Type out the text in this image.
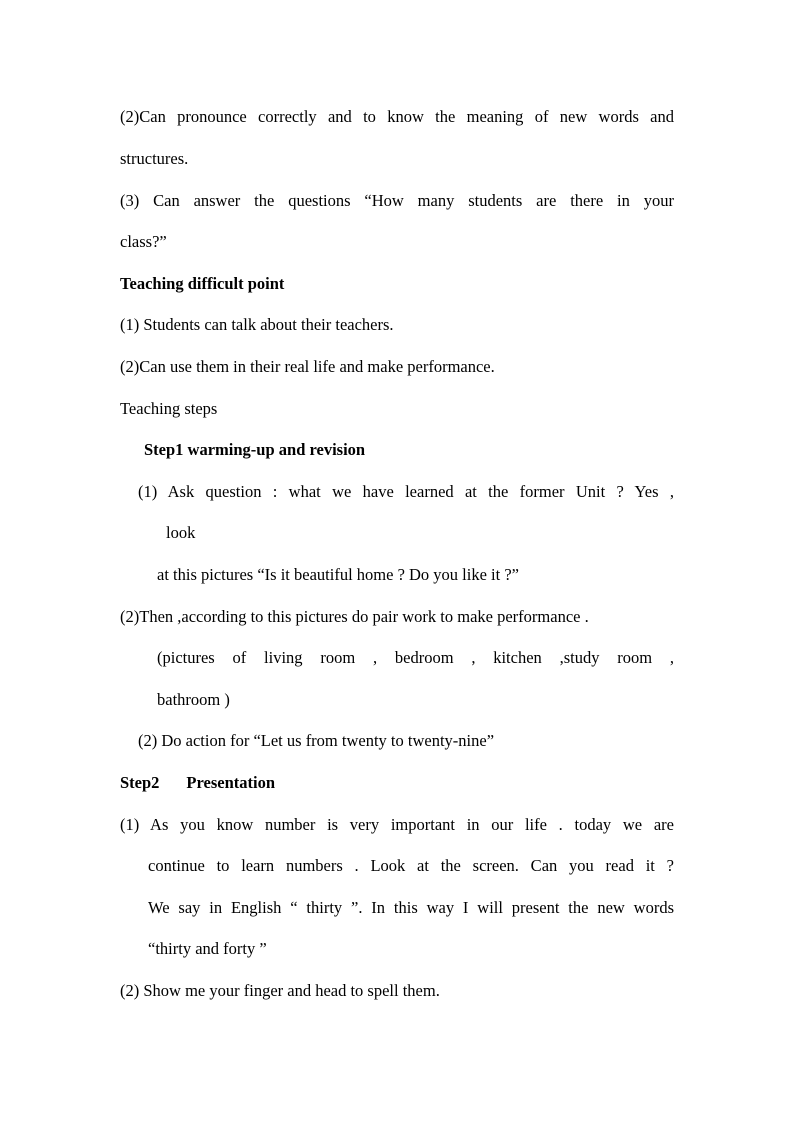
(2)Can pronounce correctly and to know the meaning of new words and
structures.
(3) Can answer the questions “How many students are there in your
class?”
Teaching difficult point
(1) Students can talk about their teachers.
(2)Can use them in their real life and make performance.
Teaching steps
Step1 warming-up and revision
(1) Ask question : what we have learned at the former Unit ? Yes ,
look
at this pictures “Is it beautiful home ? Do you like it ?”
(2)Then ,according to this pictures do pair work to make performance .
(pictures of living room , bedroom , kitchen ,study room ,
bathroom )
(2) Do action for “Let us from twenty to twenty-nine”
Step2 Presentation
(1) As you know number is very important in our life . today we are
continue to learn numbers . Look at the screen. Can you read it ?
We say in English “ thirty ”. In this way I will present the new words
“thirty and forty ”
(2) Show me your finger and head to spell them.
